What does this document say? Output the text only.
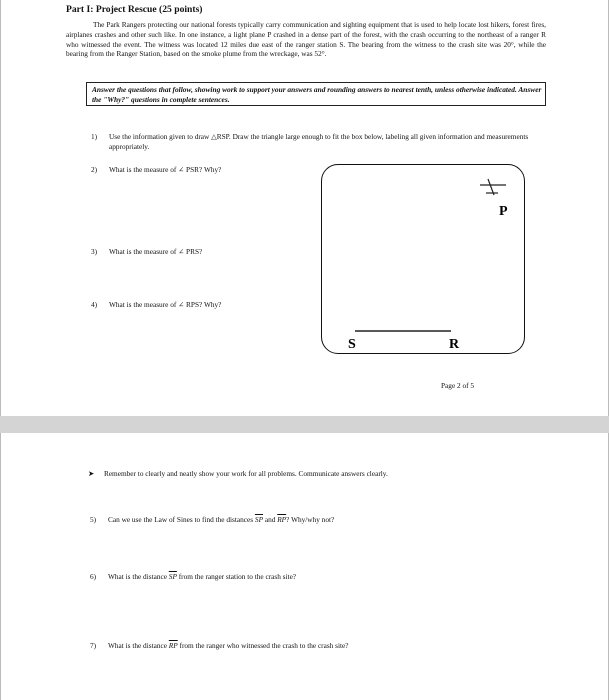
Part I: Project Rescue (25 points)
The Park Rangers protecting our national forests typically carry communication and sighting equipment that is used to help locate lost hikers, forest fires, airplanes crashes and other such like. In one instance, a light plane P crashed in a dense part of the forest, with the crash occurring to the northeast of a ranger R who witnessed the event. The witness was located 12 miles due east of the ranger station S. The bearing from the witness to the crash site was 20°, while the bearing from the Ranger Station, based on the smoke plume from the wreckage, was 52°.
Answer the questions that follow, showing work to support your answers and rounding answers to nearest tenth, unless otherwise indicated. Answer the "Why?" questions in complete sentences.
1) Use the information given to draw △RSP. Draw the triangle large enough to fit the box below, labeling all given information and measurements appropriately.
2) What is the measure of ∠ PSR? Why?
3) What is the measure of ∠ PRS?
4) What is the measure of ∠ RPS? Why?
P
S	R
Page 2 of 5
➤ Remember to clearly and neatly show your work for all problems. Communicate answers clearly.
5) Can we use the Law of Sines to find the distances $\overline{SP}$ and $\overline{RP}$? Why/why not?
6) What is the distance $\overline{SP}$ from the ranger station to the crash site?
7) What is the distance $\overline{RP}$ from the ranger who witnessed the crash to the crash site?
